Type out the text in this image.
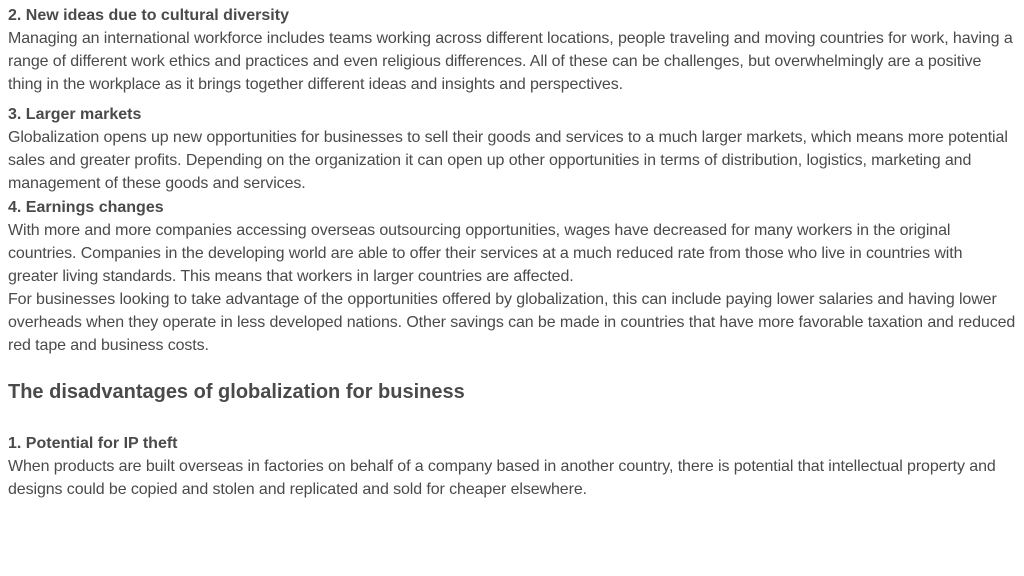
2. New ideas due to cultural diversity

Managing an international workforce includes teams working across different locations, people traveling and moving countries for work, having a range of different work ethics and practices and even religious differences. All of these can be challenges, but overwhelmingly are a positive thing in the workplace as it brings together different ideas and insights and perspectives.

3. Larger markets

Globalization opens up new opportunities for businesses to sell their goods and services to a much larger markets, which means more potential sales and greater profits. Depending on the organization it can open up other opportunities in terms of distribution, logistics, marketing and management of these goods and services.

4. Earnings changes

With more and more companies accessing overseas outsourcing opportunities, wages have decreased for many workers in the original countries. Companies in the developing world are able to offer their services at a much reduced rate from those who live in countries with greater living standards. This means that workers in larger countries are affected.

For businesses looking to take advantage of the opportunities offered by globalization, this can include paying lower salaries and having lower overheads when they operate in less developed nations. Other savings can be made in countries that have more favorable taxation and reduced red tape and business costs.

The disadvantages of globalization for business

1. Potential for IP theft

When products are built overseas in factories on behalf of a company based in another country, there is potential that intellectual property and designs could be copied and stolen and replicated and sold for cheaper elsewhere.
